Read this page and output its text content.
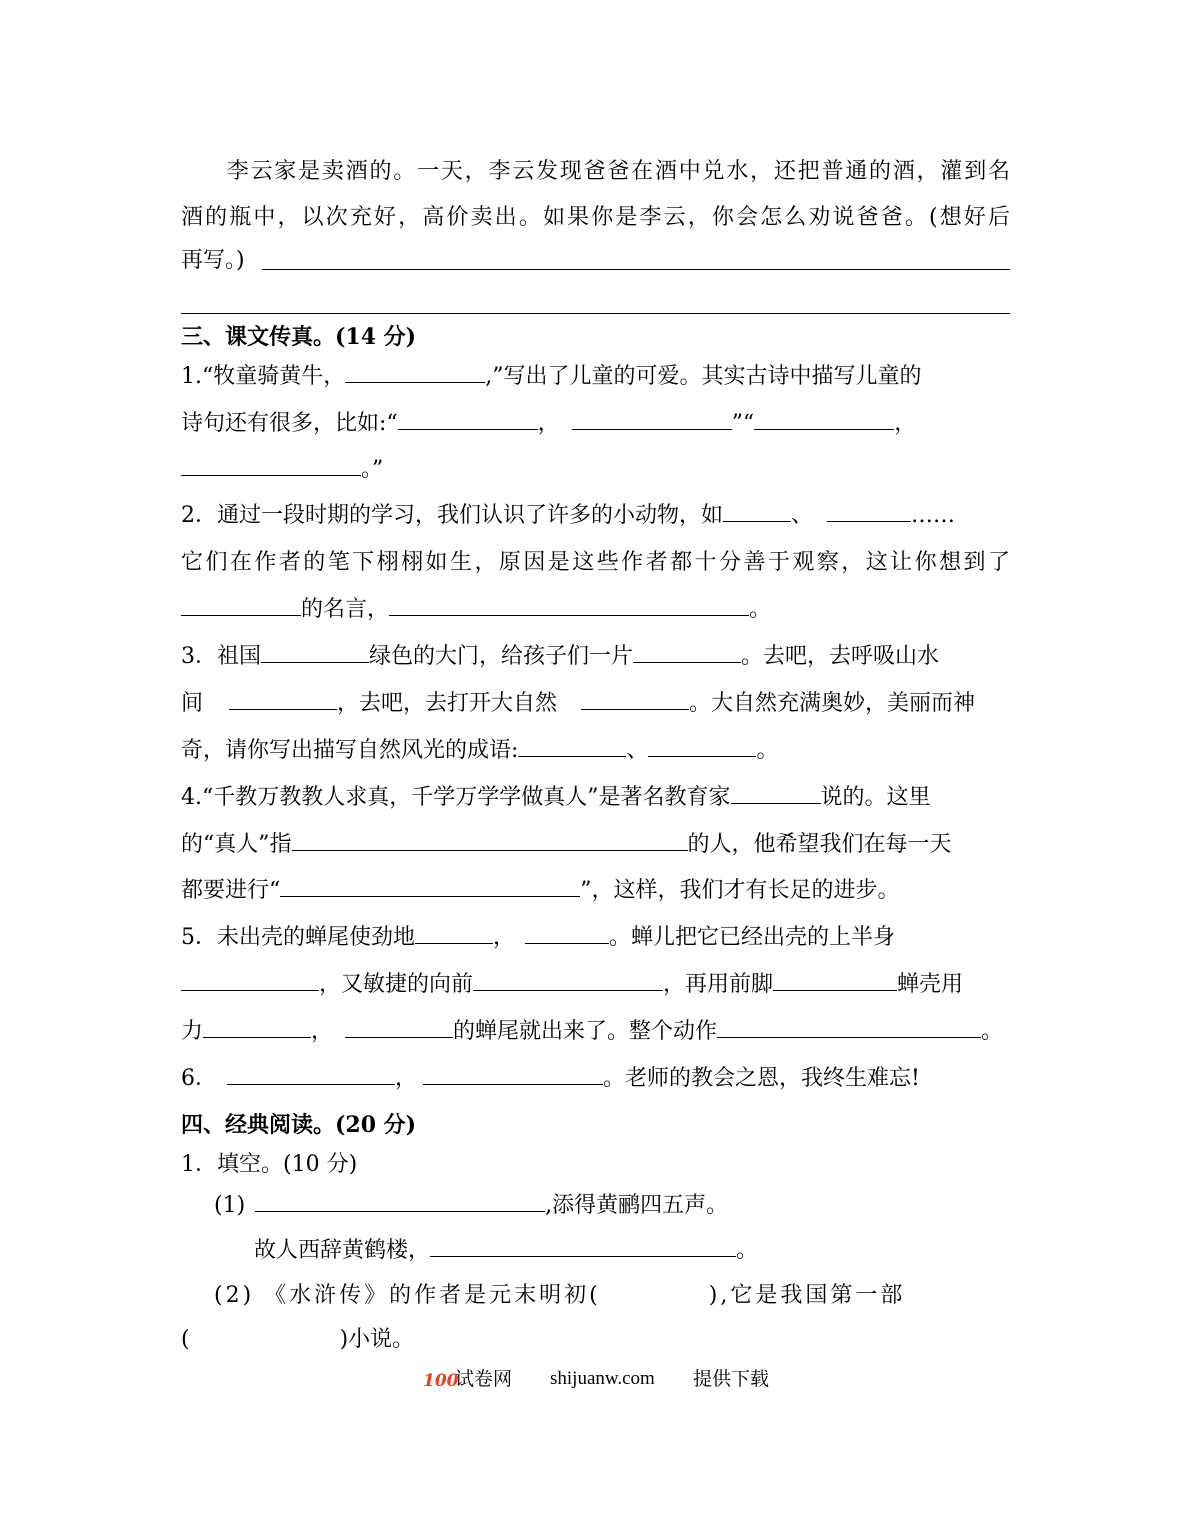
李云家是卖酒的。一天，李云发现爸爸在酒中兑水，还把普通的酒，灌到名
酒的瓶中，以次充好，高价卖出。如果你是李云，你会怎么劝说爸爸。(想好后
再写。)
三、课文传真。(14 分)
1.“牧童骑黄牛，	,”写出了儿童的可爱。其实古诗中描写儿童的
诗句还有很多，比如:“	，	”“	，
。”
2．通过一段时期的学习，我们认识了许多的小动物，如	、	……
它们在作者的笔下栩栩如生，原因是这些作者都十分善于观察，这让你想到了
的名言，	。
3．祖国	绿色的大门，给孩子们一片	。去吧，去呼吸山水
间	，去吧，去打开大自然	。大自然充满奥妙，美丽而神
奇，请你写出描写自然风光的成语:	、	。
4.“千教万教教人求真，千学万学学做真人”是著名教育家	说的。这里
的“真人”指	的人，他希望我们在每一天
都要进行“	”，这样，我们才有长足的进步。
5．未出壳的蝉尾使劲地	，	。蝉儿把它已经出壳的上半身
，又敏捷的向前	，再用前脚	蝉壳用
力	，	的蝉尾就出来了。整个动作	。
6．	，	。老师的教会之恩，我终生难忘!
四、经典阅读。(20 分)
1．填空。(10 分)
(1)	,添得黄鹂四五声。
故人西辞黄鹤楼，	。
(2) 《水浒传》的作者是元末明初(	),它是我国第一部
(	)小说。
100
试卷网 shijuanw.com 提供下载
